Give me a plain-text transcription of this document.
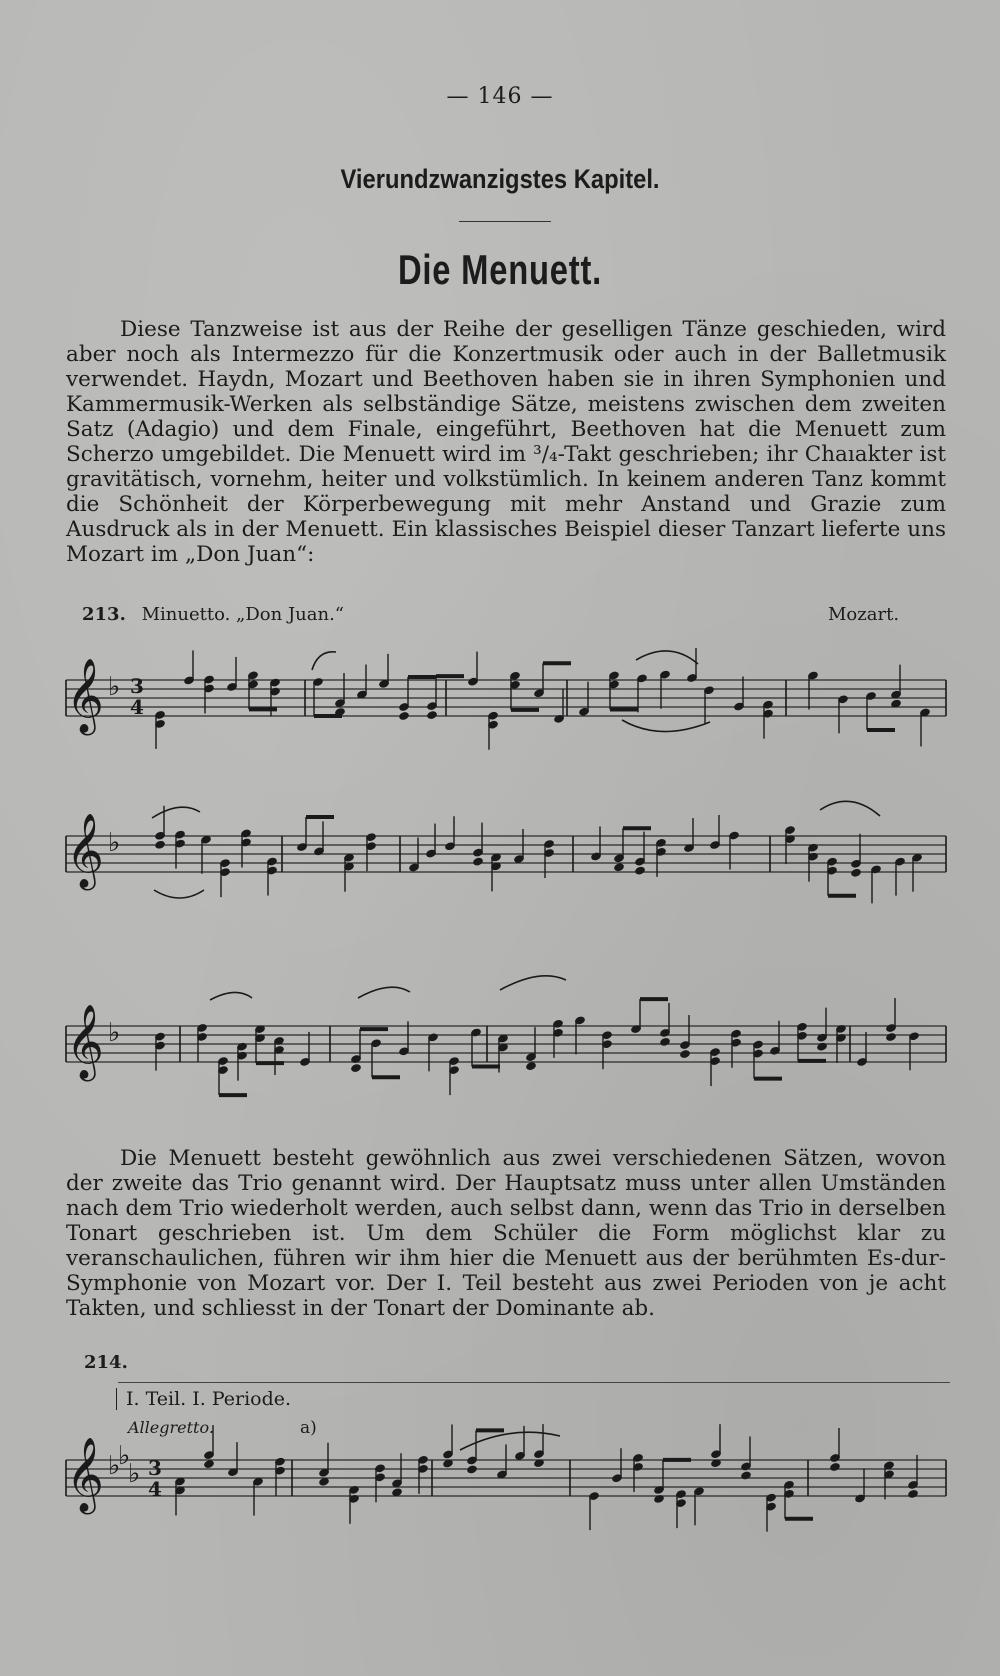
— 146 —
Vierundzwanzigstes Kapitel.
Die Menuett.
Diese Tanzweise ist aus der Reihe der geselligen Tänze geschieden, wird aber noch als Intermezzo für die Konzertmusik oder auch in der Balletmusik verwendet. Haydn, Mozart und Beethoven haben sie in ihren Symphonien und Kammermusik-Werken als selbständige Sätze, meistens zwischen dem zweiten Satz (Adagio) und dem Finale, eingeführt, Beethoven hat die Menuett zum Scherzo umgebildet. Die Menuett wird im ³/₄-Takt geschrieben; ihr Chaıakter ist gravitätisch, vornehm, heiter und volkstümlich. In keinem anderen Tanz kommt die Schönheit der Körperbewegung mit mehr Anstand und Grazie zum Ausdruck als in der Menuett. Ein klassisches Beispiel dieser Tanzart lieferte uns Mozart im „Don Juan“:
213. Minuetto. „Don Juan.“	Mozart.
Die Menuett besteht gewöhnlich aus zwei verschiedenen Sätzen, wovon der zweite das Trio genannt wird. Der Hauptsatz muss unter allen Umständen nach dem Trio wiederholt werden, auch selbst dann, wenn das Trio in derselben Tonart geschrieben ist. Um dem Schüler die Form möglichst klar zu veranschaulichen, führen wir ihm hier die Menuett aus der berühmten Es-dur-Symphonie von Mozart vor. Der I. Teil besteht aus zwei Perioden von je acht Takten, und schliesst in der Tonart der Dominante ab.
214.
I. Teil. I. Periode.
Allegretto.	a)
𝄞
𝄞
𝄞
𝄞
♭
♭
♭
♭
♭
♭
3
4
3
4
